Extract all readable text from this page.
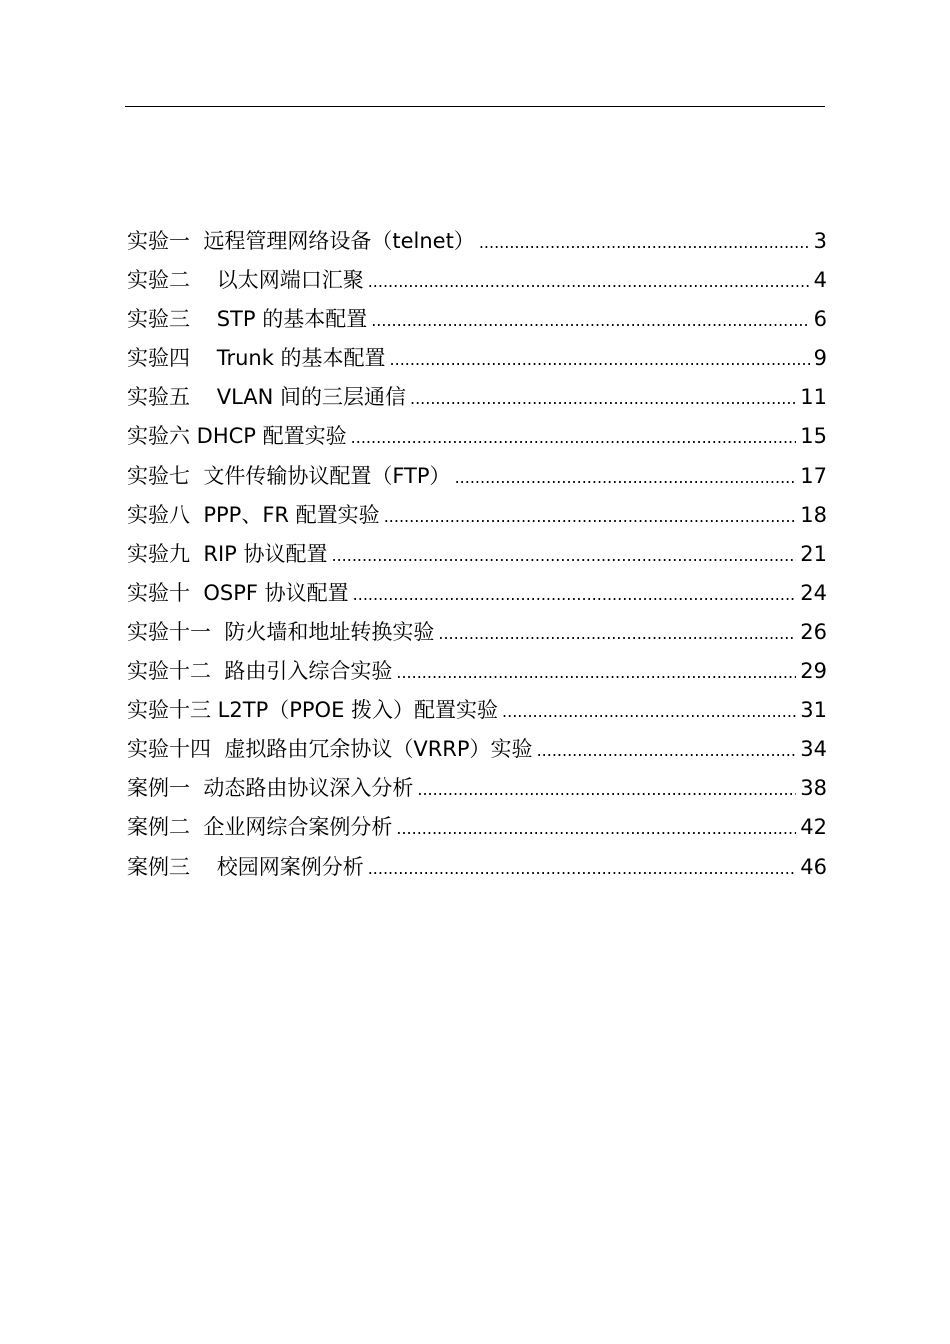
实验一  远程管理网络设备（telnet） .....	3
实验二    以太网端口汇聚 .....	4
实验三    STP 的基本配置 .....	6
实验四    Trunk 的基本配置 .....	9
实验五    VLAN 间的三层通信 .....	11
实验六 DHCP 配置实验 .....	15
实验七  文件传输协议配置（FTP） .....	17
实验八  PPP、FR 配置实验 .....	18
实验九  RIP 协议配置 .....	21
实验十  OSPF 协议配置 .....	24
实验十一  防火墙和地址转换实验 .....	26
实验十二  路由引入综合实验 .....	29
实验十三 L2TP（PPOE 拨入）配置实验 .....	31
实验十四  虚拟路由冗余协议（VRRP）实验 .....	34
案例一  动态路由协议深入分析 .....	38
案例二  企业网综合案例分析 .....	42
案例三    校园网案例分析 .....	46
